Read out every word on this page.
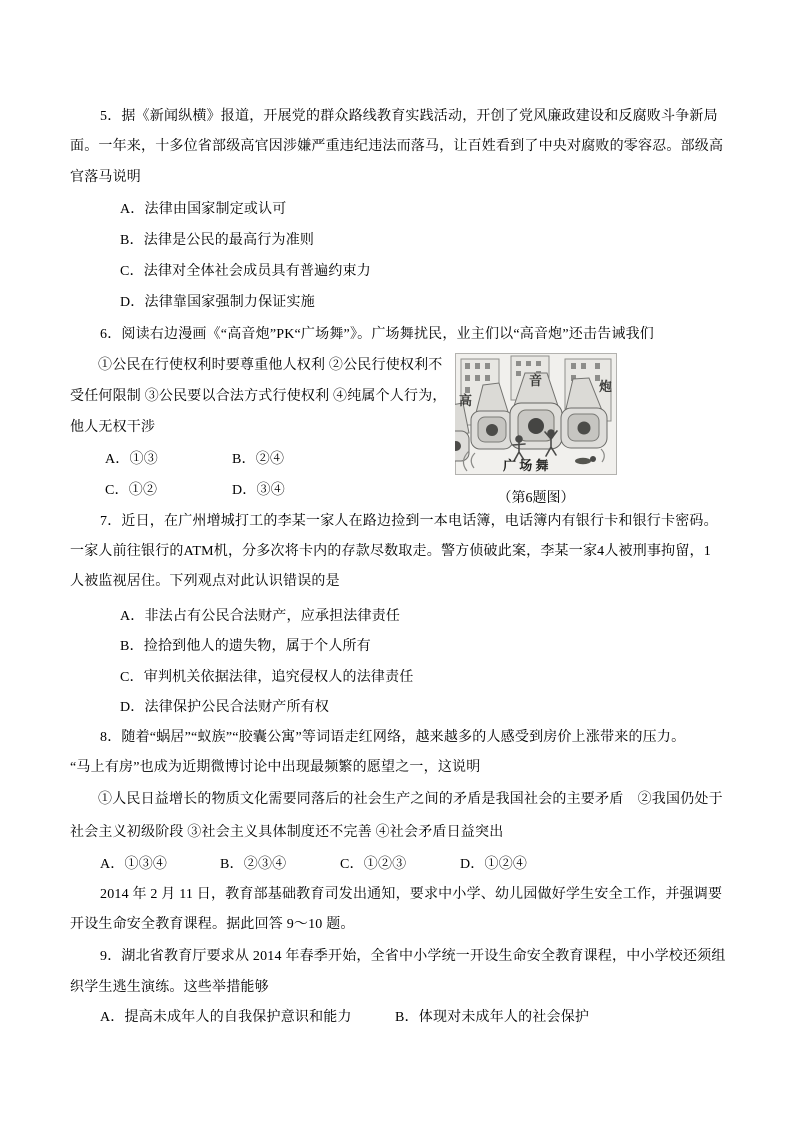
5．据《新闻纵横》报道，开展党的群众路线教育实践活动，开创了党风廉政建设和反腐败斗争新局
面。一年来，十多位省部级高官因涉嫌严重违纪违法而落马，让百姓看到了中央对腐败的零容忍。部级高
官落马说明
A．法律由国家制定或认可
B．法律是公民的最高行为准则
C．法律对全体社会成员具有普遍约束力
D．法律靠国家强制力保证实施
6．阅读右边漫画《“高音炮”PK“广场舞”》。广场舞扰民，业主们以“高音炮”还击告诫我们
①公民在行使权利时要尊重他人权利 ②公民行使权利不
受任何限制 ③公民要以合法方式行使权利 ④纯属个人行为，
他人无权干涉
A．①③	B．②④
C．①②	D．③④
高
音	炮
广 场 舞
（第6题图）
7．近日，在广州增城打工的李某一家人在路边捡到一本电话簿，电话簿内有银行卡和银行卡密码。
一家人前往银行的ATM机，分多次将卡内的存款尽数取走。警方侦破此案，李某一家4人被刑事拘留，1
人被监视居住。下列观点对此认识错误的是
A．非法占有公民合法财产，应承担法律责任
B．捡拾到他人的遗失物，属于个人所有
C．审判机关依据法律，追究侵权人的法律责任
D．法律保护公民合法财产所有权
8．随着“蜗居”“蚁族”“胶囊公寓”等词语走红网络，越来越多的人感受到房价上涨带来的压力。
“马上有房”也成为近期微博讨论中出现最频繁的愿望之一，这说明
①人民日益增长的物质文化需要同落后的社会生产之间的矛盾是我国社会的主要矛盾　②我国仍处于
社会主义初级阶段 ③社会主义具体制度还不完善 ④社会矛盾日益突出
A．①③④	B．②③④	C．①②③	D．①②④
2014 年 2 月 11 日，教育部基础教育司发出通知，要求中小学、幼儿园做好学生安全工作，并强调要
开设生命安全教育课程。据此回答 9～10 题。
9．湖北省教育厅要求从 2014 年春季开始，全省中小学统一开设生命安全教育课程，中小学校还须组
织学生逃生演练。这些举措能够
A．提高未成年人的自我保护意识和能力	B．体现对未成年人的社会保护
